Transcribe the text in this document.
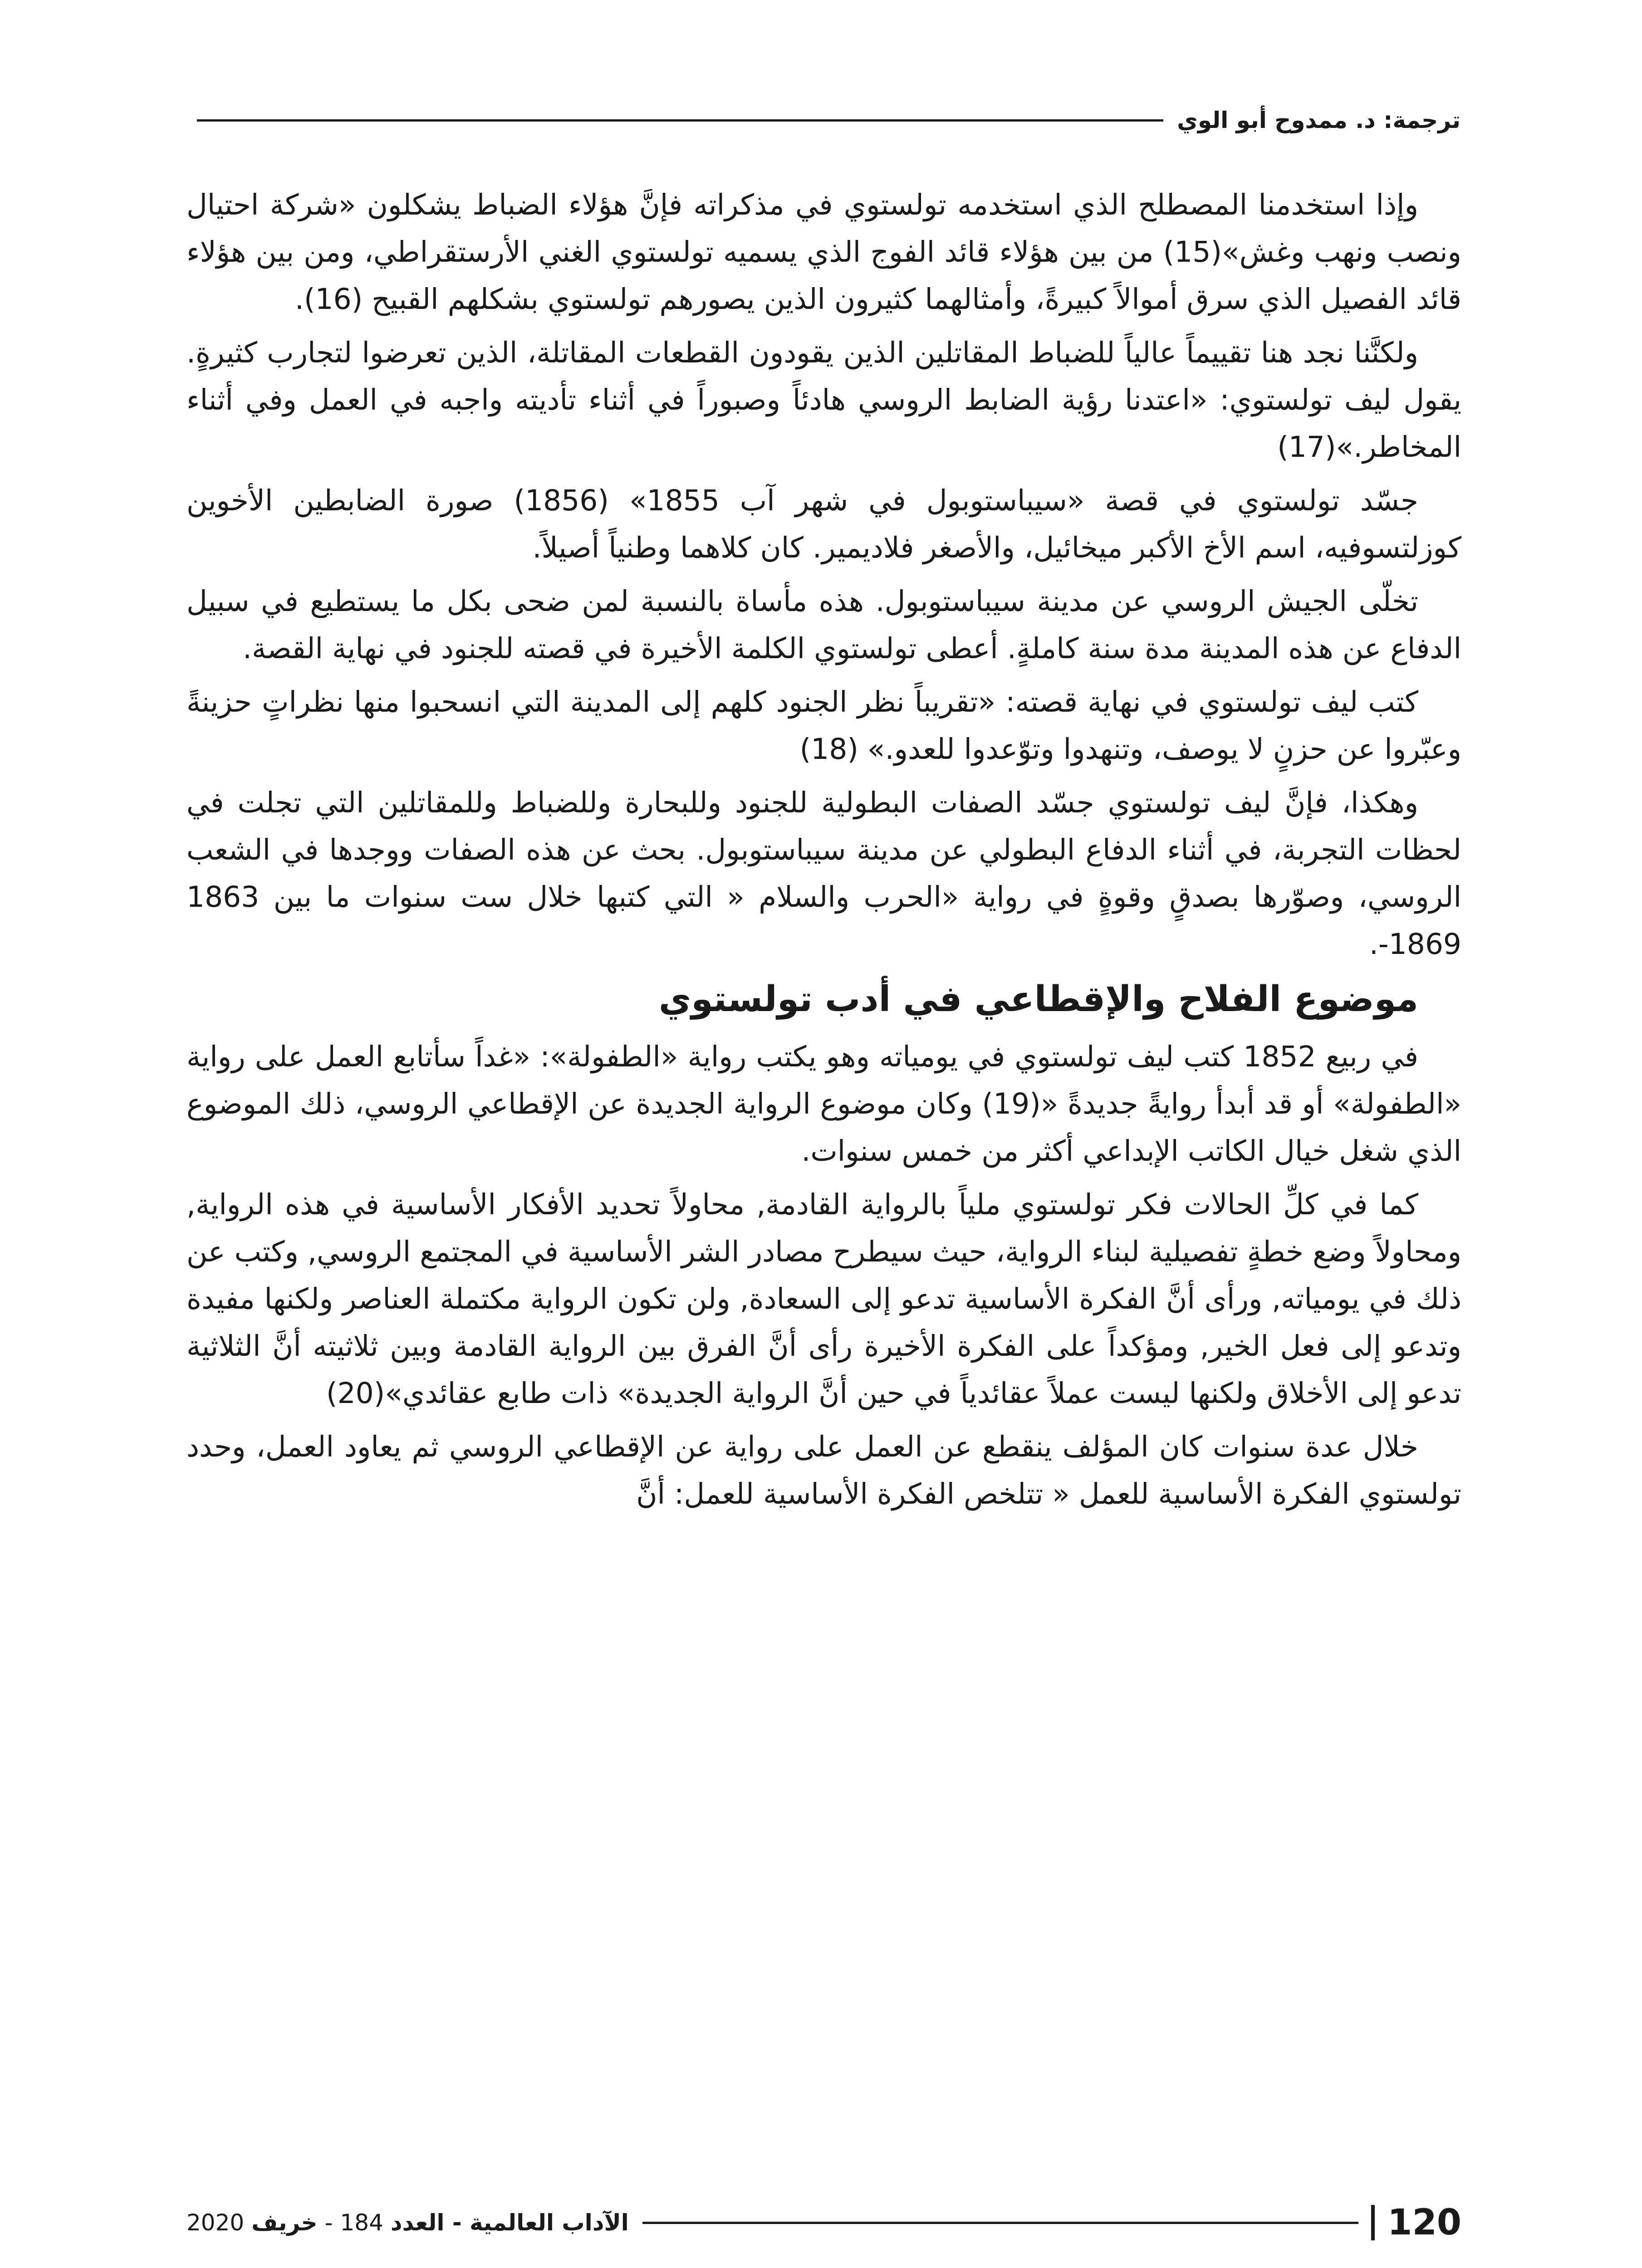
ترجمة: د. ممدوح أبو الوي

وإذا استخدمنا المصطلح الذي استخدمه تولستوي في مذكراته فإنَّ هؤلاء الضباط يشكلون «شركة احتيال ونصب ونهب وغش»(15) من بين هؤلاء قائد الفوج الذي يسميه تولستوي الغني الأرستقراطي، ومن بين هؤلاء قائد الفصيل الذي سرق أموالاً كبيرةً، وأمثالهما كثيرون الذين يصورهم تولستوي بشكلهم القبيح (16).

ولكنَّنا نجد هنا تقييماً عالياً للضباط المقاتلين الذين يقودون القطعات المقاتلة، الذين تعرضوا لتجارب كثيرةٍ. يقول ليف تولستوي: «اعتدنا رؤية الضابط الروسي هادئاً وصبوراً في أثناء تأديته واجبه في العمل وفي أثناء المخاطر.»(17)

جسّد تولستوي في قصة «سيباستوبول في شهر آب 1855» (1856) صورة الضابطين الأخوين كوزلتسوفيه، اسم الأخ الأكبر ميخائيل، والأصغر فلاديمير. كان كلاهما وطنياً أصيلاً.

تخلّى الجيش الروسي عن مدينة سيباستوبول. هذه مأساة بالنسبة لمن ضحى بكل ما يستطيع في سبيل الدفاع عن هذه المدينة مدة سنة كاملةٍ. أعطى تولستوي الكلمة الأخيرة في قصته للجنود في نهاية القصة.

كتب ليف تولستوي في نهاية قصته: «تقريباً نظر الجنود كلهم إلى المدينة التي انسحبوا منها نظراتٍ حزينةً وعبّروا عن حزنٍ لا يوصف، وتنهدوا وتوّعدوا للعدو.» (18)

وهكذا، فإنَّ ليف تولستوي جسّد الصفات البطولية للجنود وللبحارة وللضباط وللمقاتلين التي تجلت في لحظات التجربة، في أثناء الدفاع البطولي عن مدينة سيباستوبول. بحث عن هذه الصفات ووجدها في الشعب الروسي، وصوّرها بصدقٍ وقوةٍ في رواية «الحرب والسلام « التي كتبها خلال ست سنوات ما بين 1863 1869-.

موضوع الفلاح والإقطاعي في أدب تولستوي

في ربيع 1852 كتب ليف تولستوي في يومياته وهو يكتب رواية «الطفولة»: «غداً سأتابع العمل على رواية «الطفولة» أو قد أبدأ روايةً جديدةً «(19) وكان موضوع الرواية الجديدة عن الإقطاعي الروسي، ذلك الموضوع الذي شغل خيال الكاتب الإبداعي أكثر من خمس سنوات.

كما في كلِّ الحالات فكر تولستوي ملياً بالرواية القادمة, محاولاً تحديد الأفكار الأساسية في هذه الرواية, ومحاولاً وضع خطةٍ تفصيلية لبناء الرواية، حيث سيطرح مصادر الشر الأساسية في المجتمع الروسي, وكتب عن ذلك في يومياته, ورأى أنَّ الفكرة الأساسية تدعو إلى السعادة, ولن تكون الرواية مكتملة العناصر ولكنها مفيدة وتدعو إلى فعل الخير, ومؤكداً على الفكرة الأخيرة رأى أنَّ الفرق بين الرواية القادمة وبين ثلاثيته أنَّ الثلاثية تدعو إلى الأخلاق ولكنها ليست عملاً عقائدياً في حين أنَّ الرواية الجديدة» ذات طابع عقائدي»(20)

خلال عدة سنوات كان المؤلف ينقطع عن العمل على رواية عن الإقطاعي الروسي ثم يعاود العمل، وحدد تولستوي الفكرة الأساسية للعمل « تتلخص الفكرة الأساسية للعمل: أنَّ

120
الآداب العالمية - العدد 184 - خريف 2020
